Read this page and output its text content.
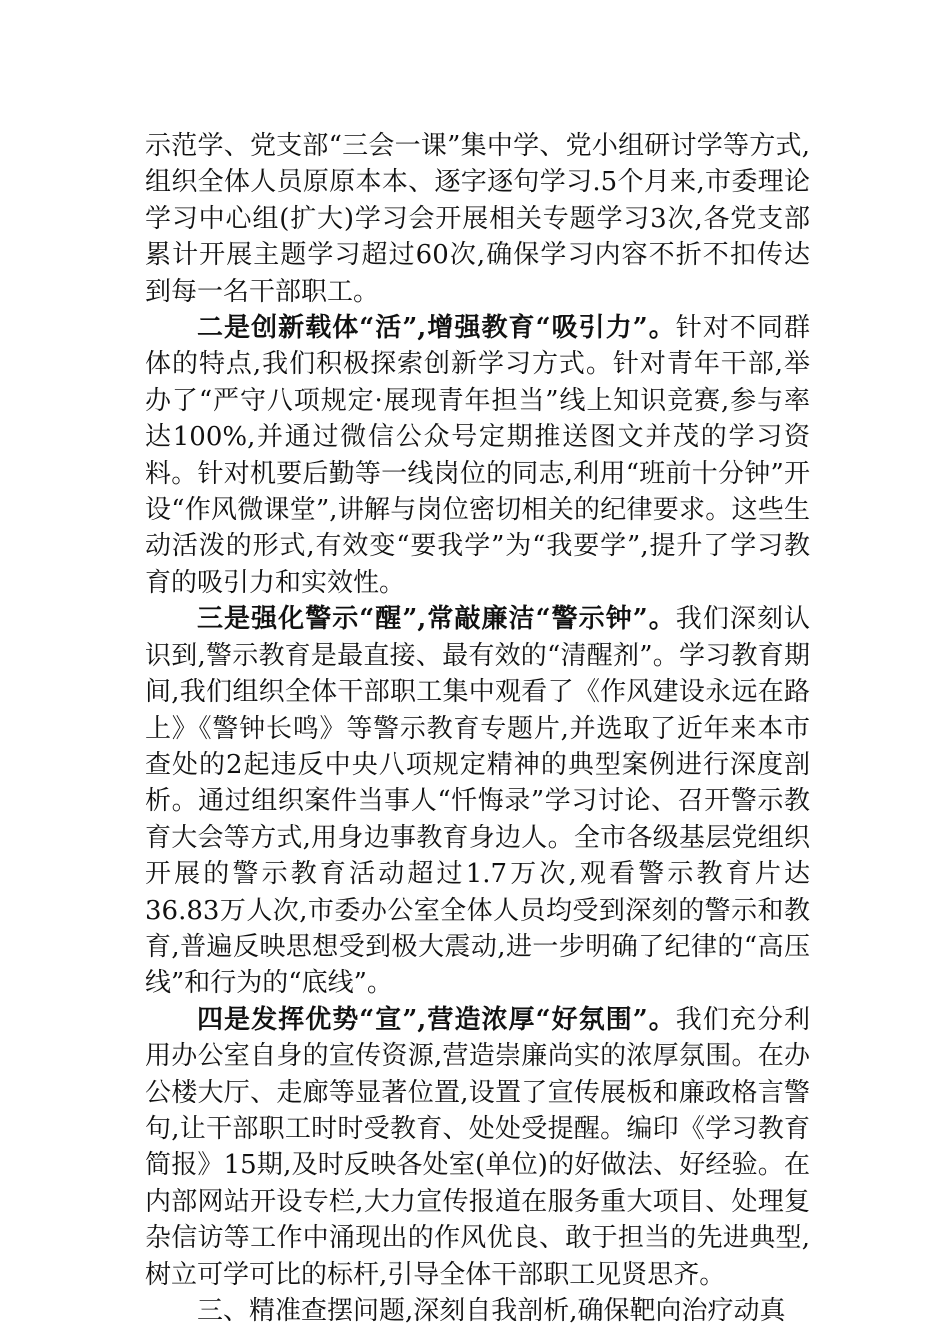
示范学、党支部“三会一课”集中学、党小组研讨学等方式,组织全体人员原原本本、逐字逐句学习.5个月来,市委理论学习中心组(扩大)学习会开展相关专题学习3次,各党支部累计开展主题学习超过60次,确保学习内容不折不扣传达到每一名干部职工。

二是创新载体“活”,增强教育“吸引力”。针对不同群体的特点,我们积极探索创新学习方式。针对青年干部,举办了“严守八项规定·展现青年担当”线上知识竞赛,参与率达100%,并通过微信公众号定期推送图文并茂的学习资料。针对机要后勤等一线岗位的同志,利用“班前十分钟”开设“作风微课堂”,讲解与岗位密切相关的纪律要求。这些生动活泼的形式,有效变“要我学”为“我要学”,提升了学习教育的吸引力和实效性。

三是强化警示“醒”,常敲廉洁“警示钟”。我们深刻认识到,警示教育是最直接、最有效的“清醒剂”。学习教育期间,我们组织全体干部职工集中观看了《作风建设永远在路上》《警钟长鸣》等警示教育专题片,并选取了近年来本市查处的2起违反中央八项规定精神的典型案例进行深度剖析。通过组织案件当事人“忏悔录”学习讨论、召开警示教育大会等方式,用身边事教育身边人。全市各级基层党组织开展的警示教育活动超过1.7万次,观看警示教育片达36.83万人次,市委办公室全体人员均受到深刻的警示和教育,普遍反映思想受到极大震动,进一步明确了纪律的“高压线”和行为的“底线”。

四是发挥优势“宣”,营造浓厚“好氛围”。我们充分利用办公室自身的宣传资源,营造崇廉尚实的浓厚氛围。在办公楼大厅、走廊等显著位置,设置了宣传展板和廉政格言警句,让干部职工时时受教育、处处受提醒。编印《学习教育简报》15期,及时反映各处室(单位)的好做法、好经验。在内部网站开设专栏,大力宣传报道在服务重大项目、处理复杂信访等工作中涌现出的作风优良、敢于担当的先进典型,树立可学可比的标杆,引导全体干部职工见贤思齐。

三、精准查摆问题,深刻自我剖析,确保靶向治疗动真
